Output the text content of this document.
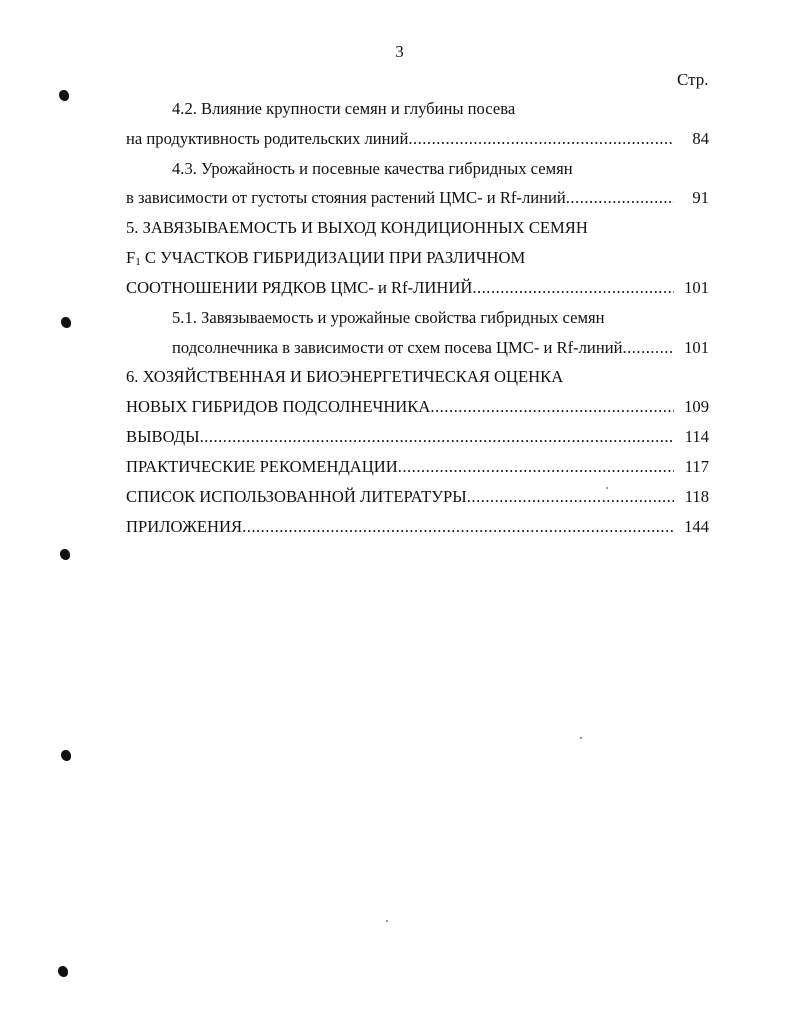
3
Стр.
4.2. Влияние крупности семян и глубины посева
на продуктивность родительских линий .....	84
4.3. Урожайность и посевные качества гибридных семян
в зависимости от густоты стояния растений ЦМС- и Rf-линий .....	91
5. ЗАВЯЗЫВАЕМОСТЬ И ВЫХОД КОНДИЦИОННЫХ СЕМЯН
F1 С УЧАСТКОВ ГИБРИДИЗАЦИИ ПРИ РАЗЛИЧНОМ
СООТНОШЕНИИ РЯДКОВ ЦМС- и Rf-ЛИНИЙ .....	101
5.1. Завязываемость и урожайные свойства гибридных семян
подсолнечника в зависимости от схем посева ЦМС- и Rf-линий .....	101
6. ХОЗЯЙСТВЕННАЯ И БИОЭНЕРГЕТИЧЕСКАЯ ОЦЕНКА
НОВЫХ ГИБРИДОВ ПОДСОЛНЕЧНИКА .....	109
ВЫВОДЫ .....	114
ПРАКТИЧЕСКИЕ РЕКОМЕНДАЦИИ .....	117
СПИСОК ИСПОЛЬЗОВАННОЙ ЛИТЕРАТУРЫ .....	118
ПРИЛОЖЕНИЯ .....	144
